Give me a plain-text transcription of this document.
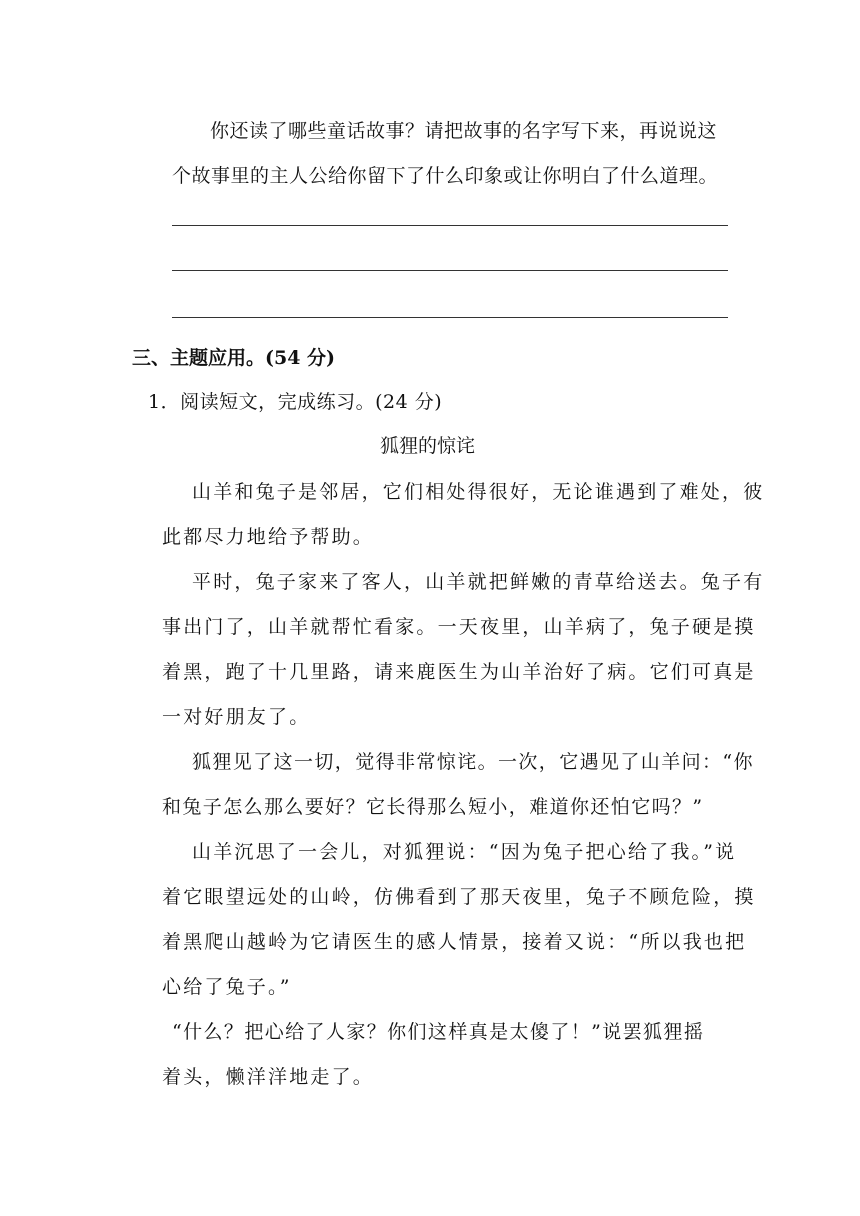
你还读了哪些童话故事？请把故事的名字写下来，再说说这
个故事里的主人公给你留下了什么印象或让你明白了什么道理。
三、主题应用。(54 分)
1．阅读短文，完成练习。(24 分)
狐狸的惊诧
山羊和兔子是邻居，它们相处得很好，无论谁遇到了难处，彼
此都尽力地给予帮助。
平时，兔子家来了客人，山羊就把鲜嫩的青草给送去。兔子有
事出门了，山羊就帮忙看家。一天夜里，山羊病了，兔子硬是摸
着黑，跑了十几里路，请来鹿医生为山羊治好了病。它们可真是
一对好朋友了。
狐狸见了这一切，觉得非常惊诧。一次，它遇见了山羊问：“你
和兔子怎么那么要好？它长得那么短小，难道你还怕它吗？”
山羊沉思了一会儿，对狐狸说：“因为兔子把心给了我。”说
着它眼望远处的山岭，仿佛看到了那天夜里，兔子不顾危险，摸
着黑爬山越岭为它请医生的感人情景，接着又说：“所以我也把
心给了兔子。”
“什么？把心给了人家？你们这样真是太傻了！”说罢狐狸摇
着头，懒洋洋地走了。
